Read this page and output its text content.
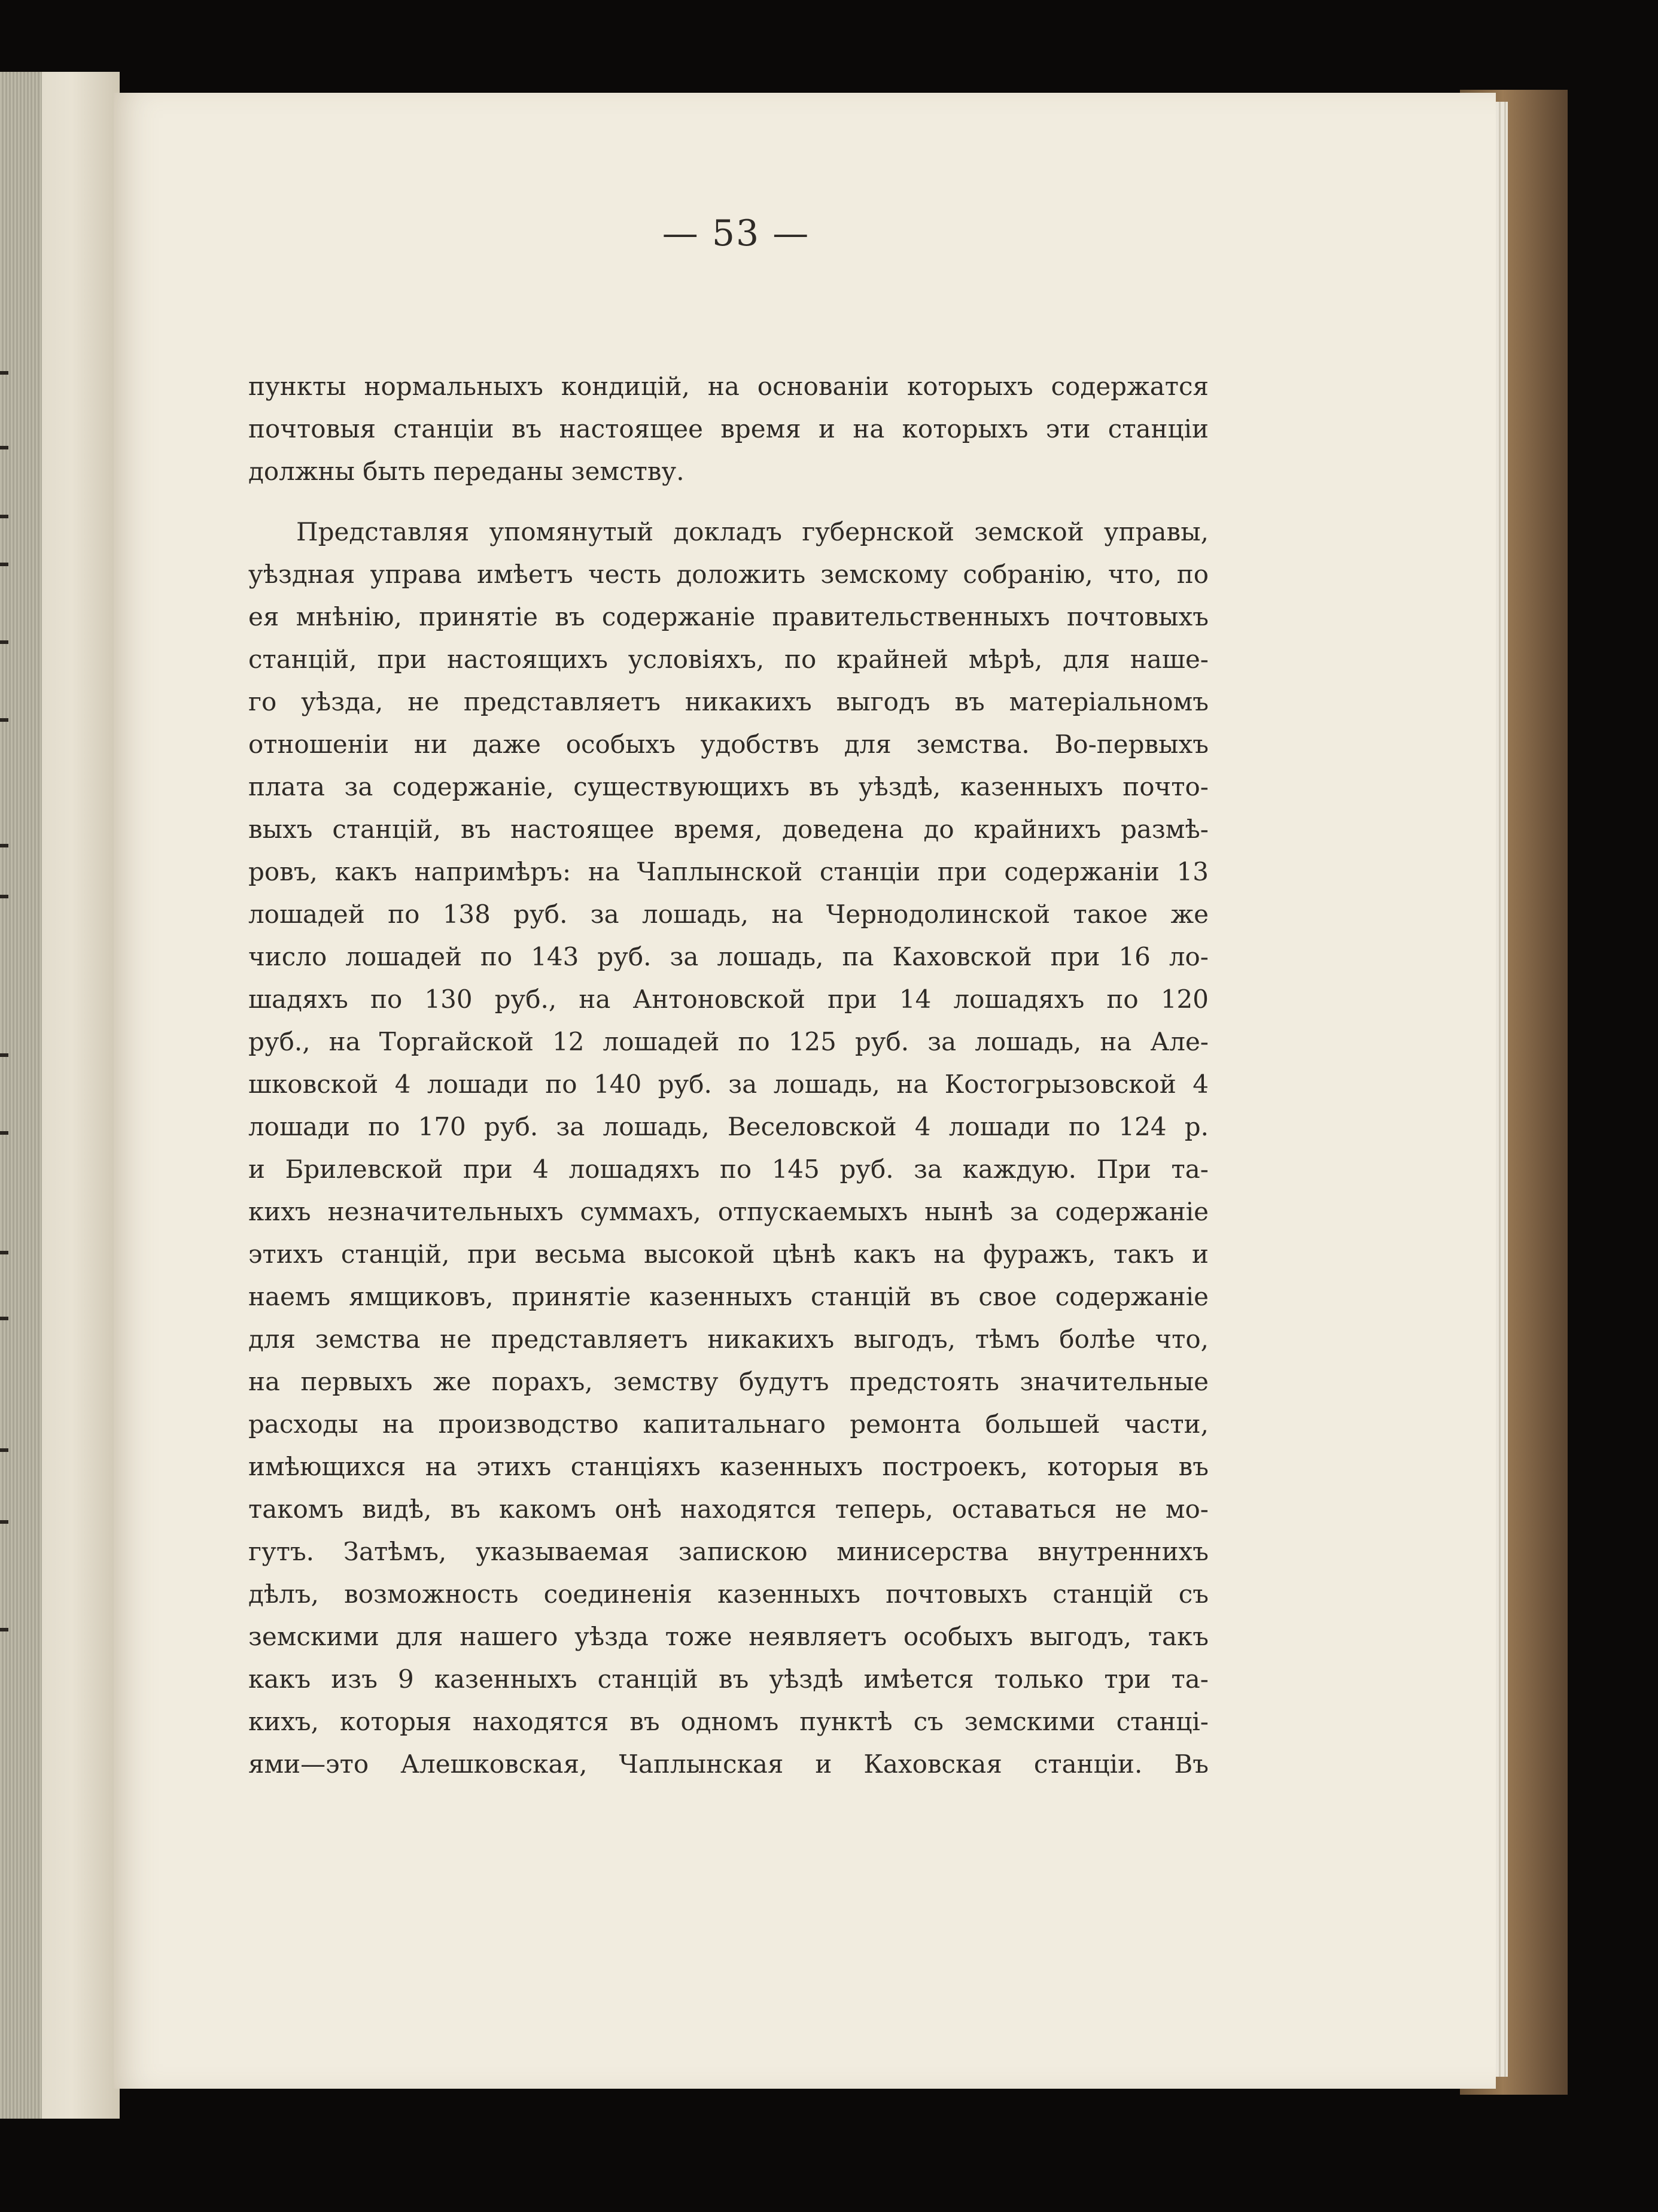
— 53 —
пункты нормальныхъ кондицій, на основаніи которыхъ содержатся
почтовыя станціи въ настоящее время и на которыхъ эти станціи
должны быть переданы земству.
Представляя упомянутый докладъ губернской земской управы,
уѣздная управа имѣетъ честь доложить земскому собранію, что, по
ея мнѣнію, принятіе въ содержаніе правительственныхъ почтовыхъ
станцій, при настоящихъ условіяхъ, по крайней мѣрѣ, для наше-
го уѣзда, не представляетъ никакихъ выгодъ въ матеріальномъ
отношеніи ни даже особыхъ удобствъ для земства. Во-первыхъ
плата за содержаніе, существующихъ въ уѣздѣ, казенныхъ почто-
выхъ станцій, въ настоящее время, доведена до крайнихъ размѣ-
ровъ, какъ напримѣръ: на Чаплынской станціи при содержаніи 13
лошадей по 138 руб. за лошадь, на Чернодолинской такое же
число лошадей по 143 руб. за лошадь, па Каховской при 16 ло-
шадяхъ по 130 руб., на Антоновской при 14 лошадяхъ по 120
руб., на Торгайской 12 лошадей по 125 руб. за лошадь, на Але-
шковской 4 лошади по 140 руб. за лошадь, на Костогрызовской 4
лошади по 170 руб. за лошадь, Веселовской 4 лошади по 124 р.
и Брилевской при 4 лошадяхъ по 145 руб. за каждую. При та-
кихъ незначительныхъ суммахъ, отпускаемыхъ нынѣ за содержаніе
этихъ станцій, при весьма высокой цѣнѣ какъ на фуражъ, такъ и
наемъ ямщиковъ, принятіе казенныхъ станцій въ свое содержаніе
для земства не представляетъ никакихъ выгодъ, тѣмъ болѣе что,
на первыхъ же порахъ, земству будутъ предстоять значительные
расходы на производство капитальнаго ремонта большей части,
имѣющихся на этихъ станціяхъ казенныхъ построекъ, которыя въ
такомъ видѣ, въ какомъ онѣ находятся теперь, оставаться не мо-
гутъ. Затѣмъ, указываемая запискою минисерства внутреннихъ
дѣлъ, возможность соединенія казенныхъ почтовыхъ станцій съ
земскими для нашего уѣзда тоже неявляетъ особыхъ выгодъ, такъ
какъ изъ 9 казенныхъ станцій въ уѣздѣ имѣется только три та-
кихъ, которыя находятся въ одномъ пунктѣ съ земскими станці-
ями—это Алешковская, Чаплынская и Каховская станціи. Въ
